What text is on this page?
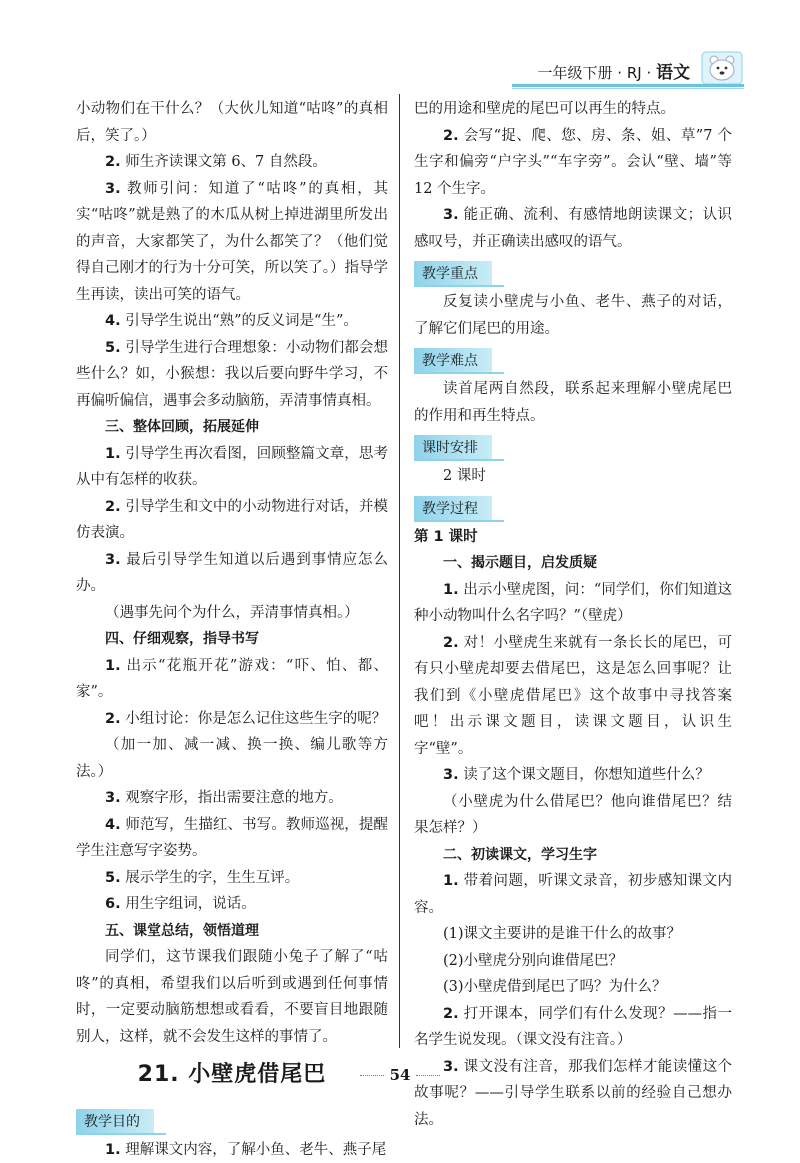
一年级下册 · RJ · 语文

小动物们在干什么？（大伙儿知道“咕咚”的真相后，笑了。）

2. 师生齐读课文第 6、7 自然段。

3. 教师引问：知道了“咕咚”的真相，其实“咕咚”就是熟了的木瓜从树上掉进湖里所发出的声音，大家都笑了，为什么都笑了？（他们觉得自己刚才的行为十分可笑，所以笑了。）指导学生再读，读出可笑的语气。

4. 引导学生说出“熟”的反义词是“生”。

5. 引导学生进行合理想象：小动物们都会想些什么？如，小猴想：我以后要向野牛学习，不再偏听偏信，遇事会多动脑筋，弄清事情真相。

三、整体回顾，拓展延伸

1. 引导学生再次看图，回顾整篇文章，思考从中有怎样的收获。

2. 引导学生和文中的小动物进行对话，并模仿表演。

3. 最后引导学生知道以后遇到事情应怎么办。

（遇事先问个为什么，弄清事情真相。）

四、仔细观察，指导书写

1. 出示“花瓶开花”游戏：“吓、怕、都、家”。

2. 小组讨论：你是怎么记住这些生字的呢？

（加一加、减一减、换一换、编儿歌等方法。）

3. 观察字形，指出需要注意的地方。

4. 师范写，生描红、书写。教师巡视，提醒学生注意写字姿势。

5. 展示学生的字，生生互评。

6. 用生字组词，说话。

五、课堂总结，领悟道理

同学们，这节课我们跟随小兔子了解了“咕咚”的真相，希望我们以后听到或遇到任何事情时，一定要动脑筋想想或看看，不要盲目地跟随别人，这样，就不会发生这样的事情了。

21. 小壁虎借尾巴
教学目的

1. 理解课文内容，了解小鱼、老牛、燕子尾

巴的用途和壁虎的尾巴可以再生的特点。

2. 会写“捉、爬、您、房、条、姐、草”7 个生字和偏旁“户字头”“车字旁”。会认“壁、墙”等 12 个生字。

3. 能正确、流利、有感情地朗读课文；认识感叹号，并正确读出感叹的语气。

教学重点

反复读小壁虎与小鱼、老牛、燕子的对话，了解它们尾巴的用途。

教学难点

读首尾两自然段，联系起来理解小壁虎尾巴的作用和再生特点。

课时安排

2 课时

教学过程

第 1 课时

一、揭示题目，启发质疑

1. 出示小壁虎图，问：“同学们，你们知道这种小动物叫什么名字吗？”（壁虎）

2. 对！小壁虎生来就有一条长长的尾巴，可有只小壁虎却要去借尾巴，这是怎么回事呢？让我们到《小壁虎借尾巴》这个故事中寻找答案吧！出示课文题目，读课文题目，认识生字“壁”。

3. 读了这个课文题目，你想知道些什么？

（小壁虎为什么借尾巴？他向谁借尾巴？结果怎样？）

二、初读课文，学习生字

1. 带着问题，听课文录音，初步感知课文内容。

(1)课文主要讲的是谁干什么的故事？

(2)小壁虎分别向谁借尾巴？

(3)小壁虎借到尾巴了吗？为什么？

2. 打开课本，同学们有什么发现？——指一名学生说发现。（课文没有注音。）

3. 课文没有注音，那我们怎样才能读懂这个故事呢？——引导学生联系以前的经验自己想办法。

54
